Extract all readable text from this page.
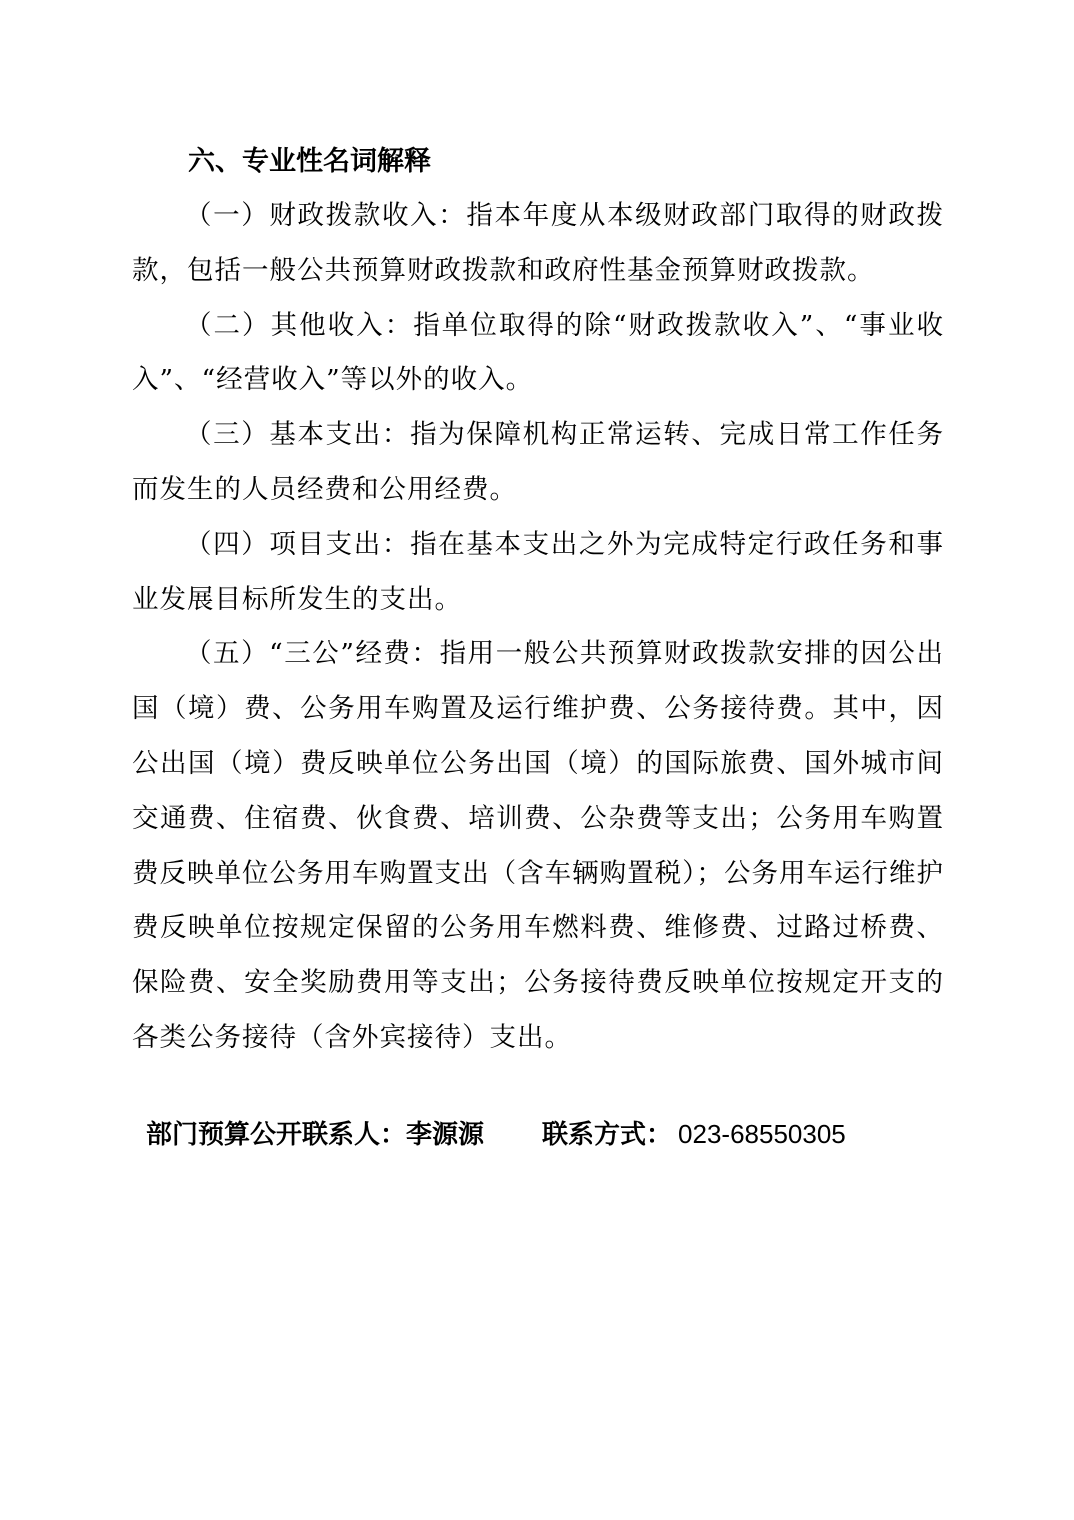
六、专业性名词解释

（一）财政拨款收入：指本年度从本级财政部门取得的财政拨款，包括一般公共预算财政拨款和政府性基金预算财政拨款。

（二）其他收入：指单位取得的除“财政拨款收入”、“事业收入”、“经营收入”等以外的收入。

（三）基本支出：指为保障机构正常运转、完成日常工作任务而发生的人员经费和公用经费。

（四）项目支出：指在基本支出之外为完成特定行政任务和事业发展目标所发生的支出。

（五）“三公”经费：指用一般公共预算财政拨款安排的因公出国（境）费、公务用车购置及运行维护费、公务接待费。其中，因公出国（境）费反映单位公务出国（境）的国际旅费、国外城市间交通费、住宿费、伙食费、培训费、公杂费等支出；公务用车购置费反映单位公务用车购置支出（含车辆购置税）；公务用车运行维护费反映单位按规定保留的公务用车燃料费、维修费、过路过桥费、保险费、安全奖励费用等支出；公务接待费反映单位按规定开支的各类公务接待（含外宾接待）支出。

部门预算公开联系人：李源源 联系方式： 023-68550305
